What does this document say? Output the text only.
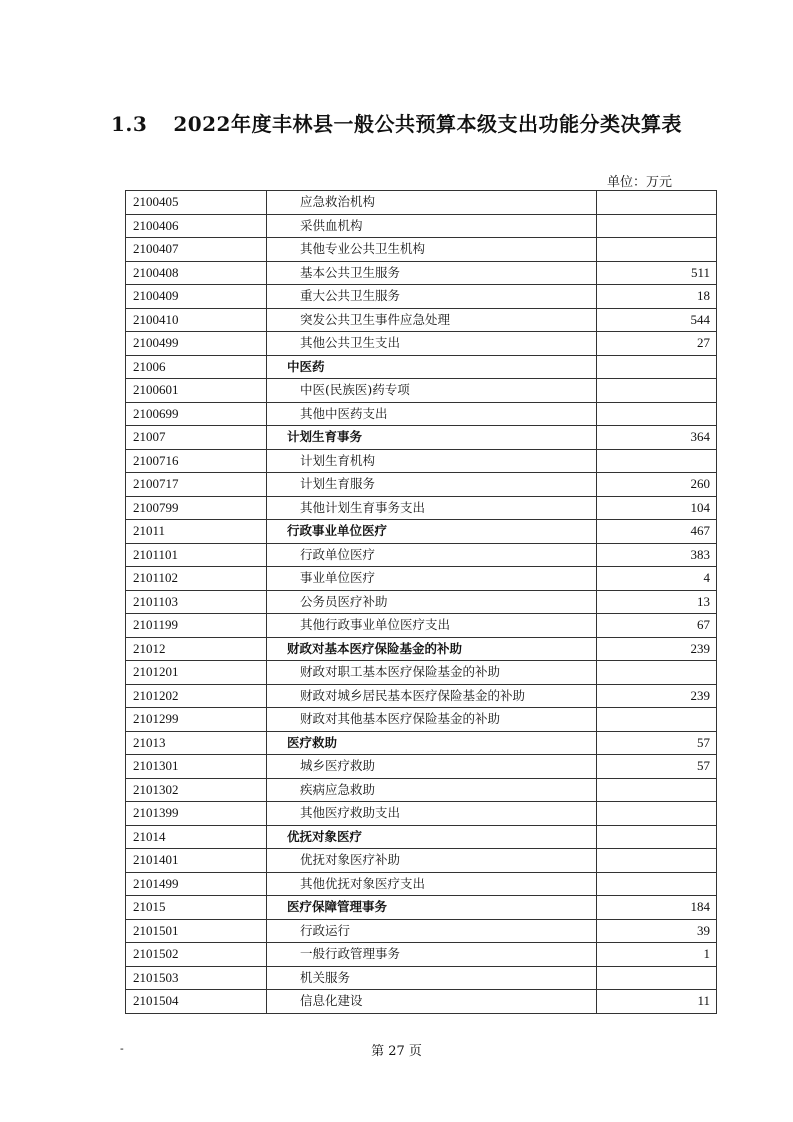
1.3 2022年度丰林县一般公共预算本级支出功能分类决算表
单位：万元
2100405	应急救治机构	
2100406	采供血机构	
2100407	其他专业公共卫生机构	
2100408	基本公共卫生服务	511
2100409	重大公共卫生服务	18
2100410	突发公共卫生事件应急处理	544
2100499	其他公共卫生支出	27
21006	中医药	
2100601	中医(民族医)药专项	
2100699	其他中医药支出	
21007	计划生育事务	364
2100716	计划生育机构	
2100717	计划生育服务	260
2100799	其他计划生育事务支出	104
21011	行政事业单位医疗	467
2101101	行政单位医疗	383
2101102	事业单位医疗	4
2101103	公务员医疗补助	13
2101199	其他行政事业单位医疗支出	67
21012	财政对基本医疗保险基金的补助	239
2101201	财政对职工基本医疗保险基金的补助	
2101202	财政对城乡居民基本医疗保险基金的补助	239
2101299	财政对其他基本医疗保险基金的补助	
21013	医疗救助	57
2101301	城乡医疗救助	57
2101302	疾病应急救助	
2101399	其他医疗救助支出	
21014	优抚对象医疗	
2101401	优抚对象医疗补助	
2101499	其他优抚对象医疗支出	
21015	医疗保障管理事务	184
2101501	行政运行	39
2101502	一般行政管理事务	1
2101503	机关服务	
2101504	信息化建设	11
-	第 27 页
